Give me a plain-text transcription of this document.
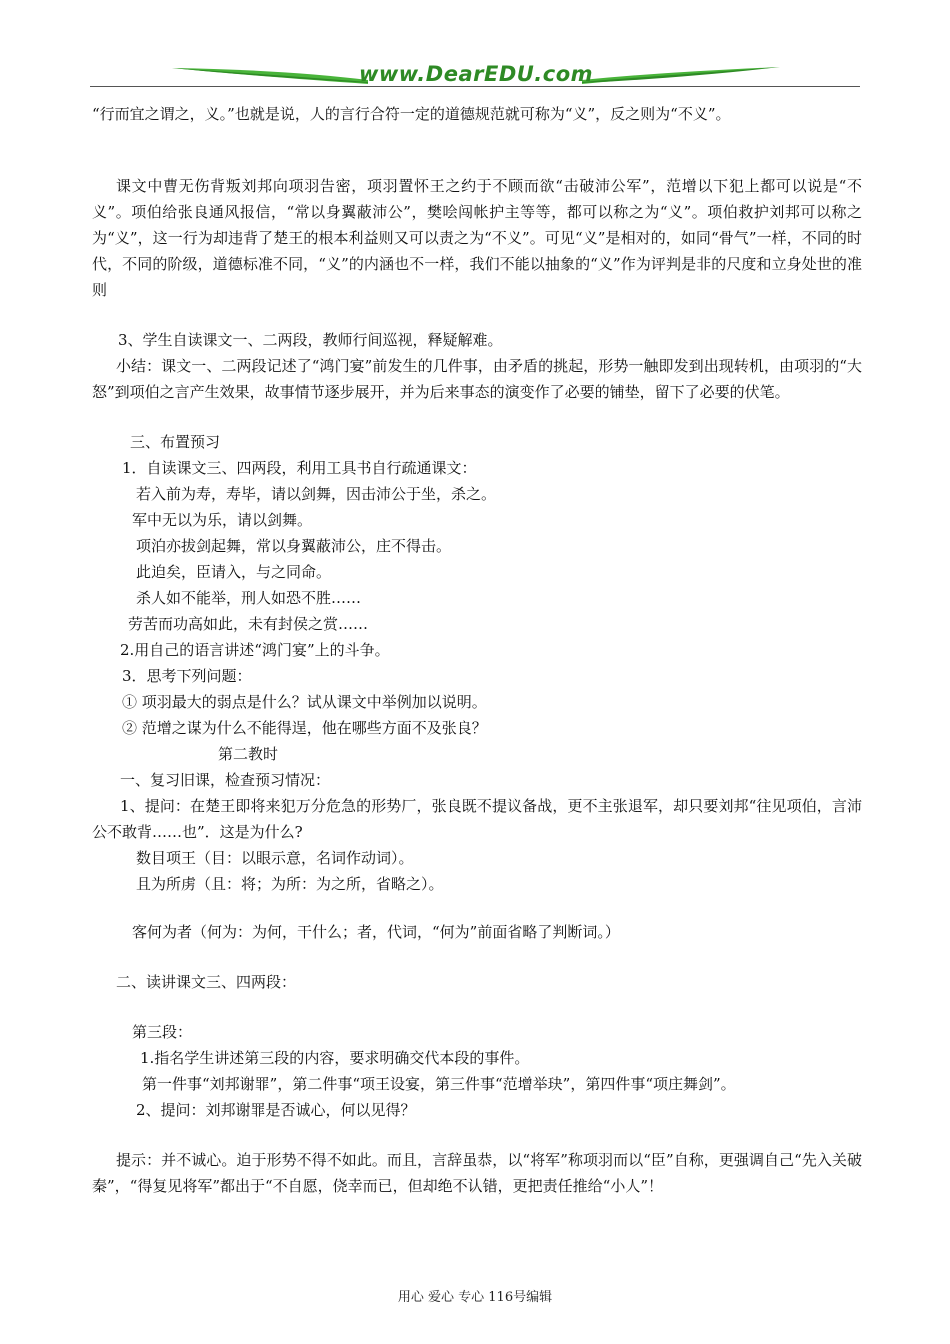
www.DearEDU.com

“行而宜之谓之，义。”也就是说，人的言行合符一定的道德规范就可称为“义”，反之则为“不义”。

课文中曹无伤背叛刘邦向项羽告密，项羽置怀王之约于不顾而欲“击破沛公军”，范增以下犯上都可以说是“不义”。项伯给张良通风报信，“常以身翼蔽沛公”，樊哙闯帐护主等等，都可以称之为“义”。项伯救护刘邦可以称之为“义”，这一行为却违背了楚王的根本利益则又可以责之为“不义”。可见“义”是相对的，如同“骨气”一样，不同的时代，不同的阶级，道德标准不同，“义”的内涵也不一样，我们不能以抽象的“义”作为评判是非的尺度和立身处世的准则

3、学生自读课文一、二两段，教师行间巡视，释疑解难。

小结：课文一、二两段记述了“鸿门宴”前发生的几件事，由矛盾的挑起，形势一触即发到出现转机，由项羽的“大怒”到项伯之言产生效果，故事情节逐步展开，并为后来事态的演变作了必要的铺垫，留下了必要的伏笔。

三、布置预习

1．自读课文三、四两段，利用工具书自行疏通课文：

若入前为寿，寿毕，请以剑舞，因击沛公于坐，杀之。

军中无以为乐，请以剑舞。

项泊亦拔剑起舞，常以身翼蔽沛公，庄不得击。

此迫矣，臣请入，与之同命。

杀人如不能举，刑人如恐不胜……

劳苦而功高如此，未有封侯之赏……

2.用自己的语言讲述“鸿门宴”上的斗争。

3．思考下列问题：

① 项羽最大的弱点是什么？试从课文中举例加以说明。

② 范增之谋为什么不能得逞，他在哪些方面不及张良？

第二教时

一、复习旧课，检查预习情况：

1、提问：在楚王即将来犯万分危急的形势厂，张良既不提议备战，更不主张退军，却只要刘邦“往见项伯，言沛公不敢背……也”．这是为什么?

数目项王（目：以眼示意，名词作动词）。

且为所虏（且：将；为所：为之所，省略之）。

客何为者（何为：为何，干什么；者，代词，“何为”前面省略了判断词。）

二、读讲课文三、四两段：

第三段：

1.指名学生讲述第三段的内容，要求明确交代本段的事件。

第一件事“刘邦谢罪”，第二件事“项王设宴，第三件事“范增举玦”，第四件事“项庄舞剑”。

2、提问：刘邦谢罪是否诚心，何以见得？

提示：并不诚心。迫于形势不得不如此。而且，言辞虽恭，以“将军”称项羽而以“臣”自称，更强调自己“先入关破秦”，“得复见将军”都出于“不自愿，侥幸而已，但却绝不认错，更把责任推给“小人”！

用心 爱心 专心 116号编辑
